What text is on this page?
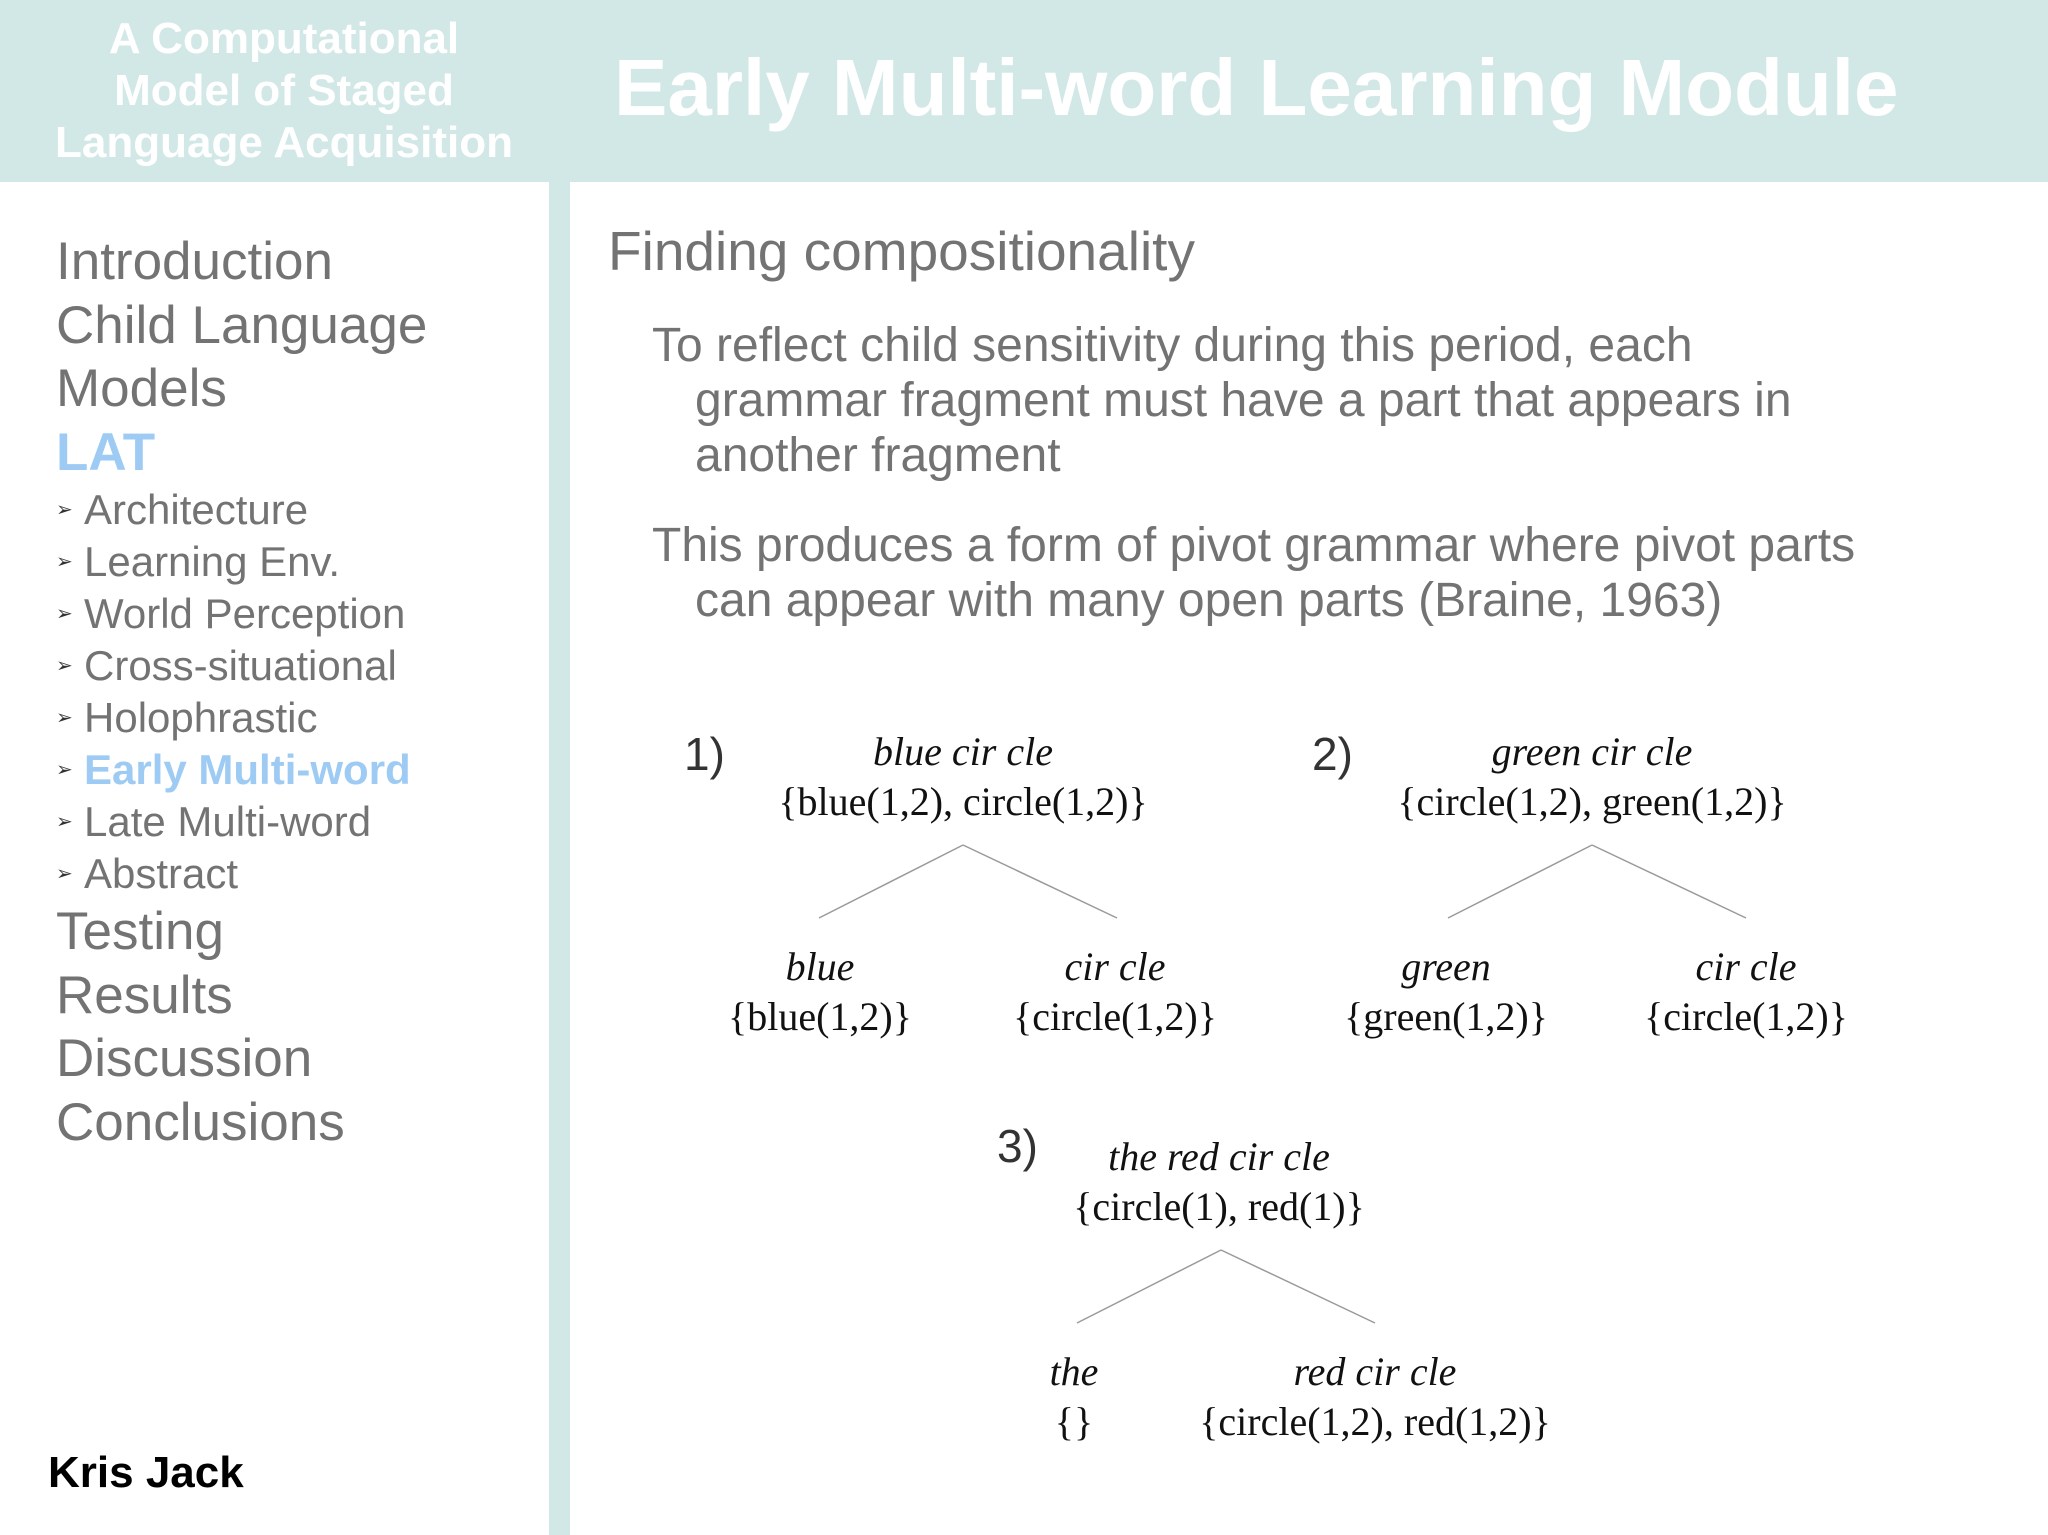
A Computational
Model of Staged
Language Acquisition
Early Multi-word Learning Module
Introduction
Child Language
Models
LAT
➢ Architecture
➢ Learning Env.
➢ World Perception
➢ Cross-situational
➢ Holophrastic
➢ Early Multi-word
➢ Late Multi-word
➢ Abstract
Testing
Results
Discussion
Conclusions
Kris Jack
Finding compositionality
To reflect child sensitivity during this period, each
grammar fragment must have a part that appears in
another fragment
This produces a form of pivot grammar where pivot parts
can appear with many open parts (Braine, 1963)
1)	blue cir cle
{blue(1,2), circle(1,2)}
blue
{blue(1,2)}
cir cle
{circle(1,2)}
2)	green cir cle
{circle(1,2), green(1,2)}
green
{green(1,2)}
cir cle
{circle(1,2)}
3) the red cir cle
{circle(1), red(1)}
the
{}
red cir cle
{circle(1,2), red(1,2)}
